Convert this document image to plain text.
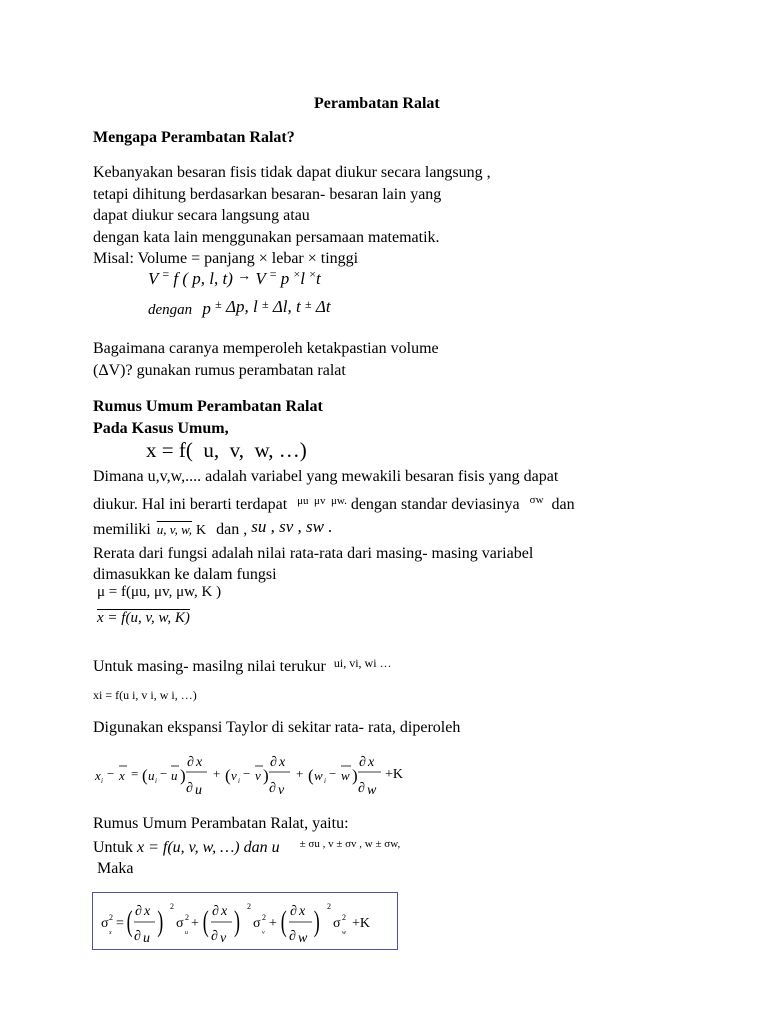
Perambatan Ralat
Mengapa Perambatan Ralat?
Kebanyakan besaran fisis tidak dapat diukur secara langsung ,
tetapi dihitung berdasarkan besaran- besaran lain yang
dapat diukur secara langsung atau
dengan kata lain menggunakan persamaan matematik.
Misal: Volume = panjang × lebar × tinggi
V = f ( p, l, t) → V = p ×l ×t
dengan p ± Δp, l ± Δl, t ± Δt
Bagaimana caranya memperoleh ketakpastian volume
(ΔV)? gunakan rumus perambatan ralat
Rumus Umum Perambatan Ralat
Pada Kasus Umum,
x = f(  u,  v,  w, …)
Dimana u,v,w,.... adalah variabel yang mewakili besaran fisis yang dapat
diukur. Hal ini berarti terdapat $^{\mu u \mu v \mu w.}$ dengan standar deviasinya $^{\sigma w}$ dan
memiliki u, v, w, K dan , su , sv , sw .
Rerata dari fungsi adalah nilai rata-rata dari masing- masing variabel
dimasukkan ke dalam fungsi
μ = f(μu, μv, μw, K )
x = f(u, v, w, K)
Untuk masing- masilng nilai terukur $^{ui, vi, wi \dots}$
xi = f(u i, v i, w i, …)
Digunakan ekspansi Taylor di sekitar rata- rata, diperoleh
x i − x = ( u i − u )
∂ x
∂ u
+ ( v i − v )
∂ x
∂ v
+ ( w i − w )
∂ x
∂ w
+K
Rumus Umum Perambatan Ralat, yaitu:
Untuk x = f(u, v, w, …) dan u $^{\pm \sigma u , v \pm \sigma v , w \pm \sigma w,}$
Maka
σ 2
x
= ( ∂ x
∂ u
) 2
σ 2
u
+ ( ∂ x
∂ v
) 2
σ 2
v
+ ( ∂ x
∂ w
) 2
σ 2
w
+K
